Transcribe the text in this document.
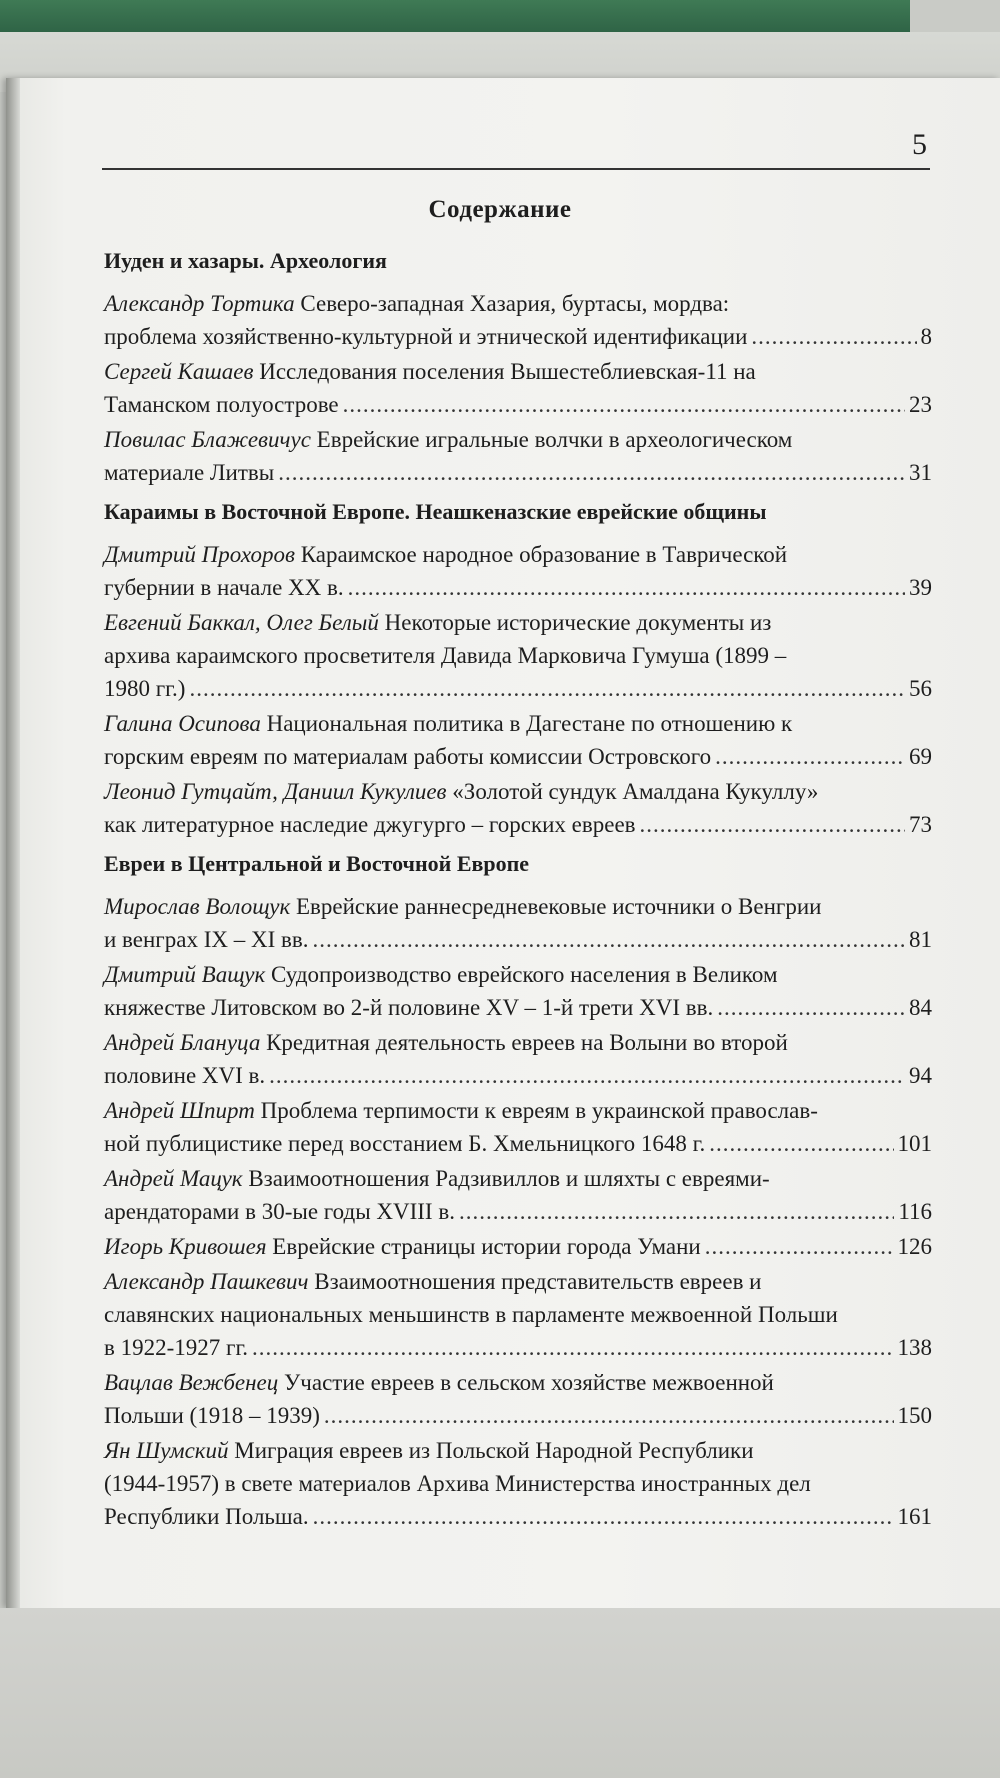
5
Содержание
Иуден и хазары. Археология
Александр Тортика Северо-западная Хазария, буртасы, мордва:
проблема хозяйственно-культурной и этнической идентификации .....	8
Сергей Кашаев Исследования поселения Вышестеблиевская-11 на
Таманском полуострове .....	23
Повилас Блажевичус Еврейские игральные волчки в археологическом
материале Литвы .....	31
Караимы в Восточной Европе. Неашкеназские еврейские общины
Дмитрий Прохоров Караимское народное образование в Таврической
губернии в начале XX в. .....	39
Евгений Баккал, Олег Белый Некоторые исторические документы из
архива караимского просветителя Давида Марковича Гумуша (1899 –
1980 гг.) .....	56
Галина Осипова Национальная политика в Дагестане по отношению к
горским евреям по материалам работы комиссии Островского .....	69
Леонид Гутцайт, Даниил Кукулиев «Золотой сундук Амалдана Кукуллу»
как литературное наследие джугурго – горских евреев .....	73
Евреи в Центральной и Восточной Европе
Мирослав Волощук Еврейские раннесредневековые источники о Венгрии
и венграх IX – XI вв. .....	81
Дмитрий Ващук Судопроизводство еврейского населения в Великом
княжестве Литовском во 2-й половине XV – 1-й трети XVI вв. .....	84
Андрей Блануца Кредитная деятельность евреев на Волыни во второй
половине XVI в. .....	94
Андрей Шпирт Проблема терпимости к евреям в украинской православ-
ной публицистике перед восстанием Б. Хмельницкого 1648 г. .....	101
Андрей Мацук Взаимоотношения Радзивиллов и шляхты с евреями-
арендаторами в 30-ые годы XVIII в. .....	116
Игорь Кривошея
Еврейские страницы истории города Умани .....	126
Александр Пашкевич Взаимоотношения представительств евреев и
славянских национальных меньшинств в парламенте межвоенной Польши
в 1922-1927 гг. .....	138
Вацлав Вежбенец Участие евреев в сельском хозяйстве межвоенной
Польши (1918 – 1939) .....	150
Ян Шумский Миграция евреев из Польской Народной Республики
(1944-1957) в свете материалов Архива Министерства иностранных дел
Республики Польша. .....	161
